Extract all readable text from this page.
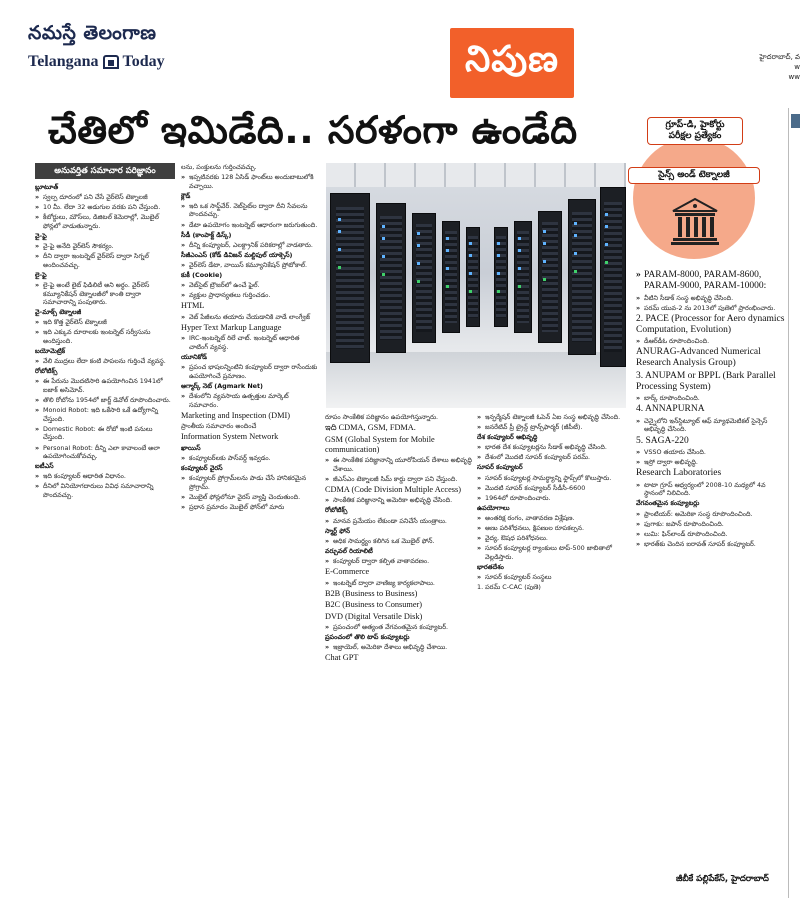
నమస్తే తెలంగాణ
Telangana Today	నిపుణ	హైదరాబాద్, వ
w
ww
చేతిలో ఇమిడేది.. సరళంగా ఉండేది	గ్రూప్-డి, హైకోర్టు
పరీక్షల ప్రత్యేకం
సైన్స్ అండ్ టెక్నాలజీ
అనువర్తిత సమాచార పరిజ్ఞానం

బ్లూటూత్

» స్వల్ప దూరంలో పని చేసే వైర్‌లెస్ టెక్నాలజీ

» 10 మీ. లేదా 32 అడుగుల వరకు పని చేస్తుంది.

» కీబోర్డులు, మౌస్‌లు, డిజిటల్ కెమెరాల్లో, మొబైల్ ఫోన్లలో వాడుతున్నారు.

వై-ఫై

» వై-ఫై అనేది వైర్‌లెస్ సౌకర్యం.

» దీని ద్వారా ఇంటర్నెట్ వైర్‌లెస్ ద్వారా సిగ్నల్ అందించవచ్చు.

లై-ఫై

» లై-ఫై అంటే లైట్ ఫిడిలిటీ అని అర్థం. వైర్‌లెస్ కమ్యూనికేషన్ టెక్నాలజీలో కాంతి ద్వారా సమాచారాన్ని పంపుతారు.

వై-మాక్స్ టెక్నాలజీ

» ఇది కొత్త వైర్‌లెస్ టెక్నాలజీ

» ఇది ఎక్కువ దూరాలకు ఇంటర్నెట్ సర్వీసును అందిస్తుంది.

బయోమెట్రిక్

» వేలి ముద్రలు లేదా కంటి పాపలను గుర్తించే వ్యవస్థ.

రోబోటిక్స్

» ఈ పేరును మొదటిసారి ఉపయోగించిన 1941లో ఐజాక్ అసిమోవ్.

» తొలి రోబోను 1954లో జార్జ్ డెవోల్ రూపొందించారు.

» Monoid Robot: ఇది ఒకేసారి ఒకే ఉద్యోగాన్ని చేస్తుంది.

» Domestic Robot: ఈ రోబో ఇంటి పనులు చేస్తుంది.

» Personal Robot: దీన్ని ఎలా కావాలంటే అలా ఉపయోగించుకోవచ్చు.

ఐటీఎస్

» ఇది కంప్యూటర్ ఆధారిత విధానం.

» దీనిలో వినియోగదారులు వివిధ సమాచారాన్ని పొందవచ్చు.

లను, పంక్తులను గుర్తించవచ్చు.

» ఇప్పటివరకు 128 ఏసిడ్ ఫాంట్‌లు అందుబాటులోకి వచ్చాయి.

క్లౌడ్

» ఇది ఒక సాఫ్ట్‌వేర్. వెబ్‌సైట్‌ల ద్వారా దీని సేవలను పొందవచ్చు.

» డేటా ఉపయోగం ఇంటర్నెట్ ఆధారంగా జరుగుతుంది.

సీడీ (కాంపాక్ట్ డిస్క్)

» దీన్ని కంప్యూటర్, ఎలక్ట్రానిక్ పరికరాల్లో వాడతారు.

సీజీఎంఎస్ (కోడ్ డివిజన్ మల్టిపుల్ యాక్సెస్)

» వైర్‌లెస్ డేటా, వాయిస్ కమ్యూనికేషన్ ప్రోటోకాల్.

కుకీ (Cookie)

» వెబ్‌సైట్ బ్రౌజర్‌లో ఉంచే ఫైల్.

» వ్యక్తుల ప్రాధాన్యతలు గుర్తించడం.

HTML

» వెబ్ పేజీలను తయారు చేయడానికి వాడే లాంగ్వేజ్

Hyper Text Markup Language

» IRC-ఇంటర్నెట్ రిలే చాట్. ఇంటర్నెట్ ఆధారిత చాటింగ్ వ్యవస్థ.

యూనికోడ్

» ప్రపంచ భాషలన్నింటిని కంప్యూటర్ ద్వారా రాసేందుకు ఉపయోగించే ప్రమాణం.

అగ్మార్క్ నెట్ (Agmark Net)

» దేశంలోని వ్యవసాయ ఉత్పత్తుల మార్కెట్ సమాచారం.

Marketing and Inspection (DMI)

ప్రాంతీయ సమాచారం అందించే

Information System Network

ఖాయిస్

» కంప్యూటర్‌లకు పాస్‌వర్డ్ ఇవ్వడం.

కంప్యూటర్ వైరస్

» కంప్యూటర్ ప్రోగ్రామ్‌లను పాడు చేసే హానికరమైన ప్రోగ్రామ్.

» మొబైల్ ఫోన్లలోనూ వైరస్ వ్యాప్తి చెందుతుంది.

» ప్రధాన ప్రమాదం మొబైల్ ఫోన్‌లో మారు

రూపం సాంకేతిక పరిజ్ఞానం ఉపయోగిస్తున్నారు.

ఇది CDMA, GSM, FDMA.

GSM (Global System for Mobile communication)

» ఈ సాంకేతిక పరిజ్ఞానాన్ని యూరోపియన్ దేశాలు అభివృద్ధి చేశాయి.

» జీఎస్ఎం టెక్నాలజీ సిమ్ కార్డు ద్వారా పని చేస్తుంది.

CDMA (Code Division Multiple Access)

» సాంకేతిక పరిజ్ఞానాన్ని అమెరికా అభివృద్ధి చేసింది.

రోబోటిక్స్

» మానవ ప్రమేయం లేకుండా పనిచేసే యంత్రాలు.

స్మార్ట్ ఫోన్

» అధిక సామర్థ్యం కలిగిన ఒక మొబైల్ ఫోన్.

వర్చువల్ రియాలిటీ

» కంప్యూటర్ ద్వారా కల్పిత వాతావరణం.

E-Commerce

» ఇంటర్నెట్ ద్వారా వాణిజ్య కార్యకలాపాలు.

B2B (Business to Business)

B2C (Business to Consumer)

DVD (Digital Versatile Disk)

» ప్రపంచంలో అత్యంత వేగవంతమైన కంప్యూటర్.

ప్రపంచంలో తొలి టాప్ కంప్యూటర్లు

» ఇజ్రాయెల్, అమెరికా దేశాలు అభివృద్ధి చేశాయి.

Chat GPT

» ఇన్ఫర్మేషన్ టెక్నాలజీ ఓపెన్ ఏఐ సంస్థ అభివృద్ధి చేసింది.

» జనరేటివ్ ప్రీ ట్రైన్డ్ ట్రాన్స్‌ఫార్మర్ (జీపీటీ).

దేశ కంప్యూటర్ అభివృద్ధి

» భారత దేశ కంప్యూటర్లను సీడాక్ అభివృద్ధి చేసింది.

» దేశంలో మొదటి సూపర్ కంప్యూటర్ పరమ్.

సూపర్ కంప్యూటర్

» సూపర్ కంప్యూటర్ల సామర్థ్యాన్ని ఫ్లాప్స్‌లో కొలుస్తారు.

» మొదటి సూపర్ కంప్యూటర్ సీడీసీ-6600

» 1964లో రూపొందించారు.

ఉపయోగాలు

» అంతరిక్ష రంగం, వాతావరణ విశ్లేషణ.

» అణు పరిశోధనలు, క్షిపణుల రూపకల్పన.

» వైద్య, ఔషధ పరిశోధనలు.

» సూపర్ కంప్యూటర్ల ర్యాంకులు టాప్-500 జాబితాలో వెల్లడిస్తారు.

భారతదేశం

» సూపర్ కంప్యూటర్ సంస్థలు

1. పరమ్ C-CAC (పుణె)

» PARAM-8000, PARAM-8600, PARAM-9000, PARAM-10000:

» వీటిని సీడాక్ సంస్థ అభివృద్ధి చేసింది.

» పరమ్ యువ-2 ను 2013లో పుణెలో ప్రారంభించారు.

2. PACE (Processor for Aero dynamics Computation, Evolution)

» డీఆర్‌డీఓ రూపొందించింది.

ANURAG-Advanced Numerical Research Analysis Group)

3. ANUPAM or BPPL (Bark Parallel Processing System)

» బార్క్ రూపొందించింది.

4. ANNAPURNA

» చెన్నైలోని ఇన్‌స్టిట్యూట్ ఆఫ్ మ్యాథమెటికల్ సైన్సెస్ అభివృద్ధి చేసింది.

5. SAGA-220

» VSSO తయారు చేసింది.

» ఇస్రో ద్వారా అభివృద్ధి.

Research Laboratories

» టాటా గ్రూప్ ఆధ్వర్యంలో 2008-10 మధ్యలో 4వ స్థానంలో నిలిచింది.

వేగవంతమైన కంప్యూటర్లు

» ఫ్రాంటియర్: అమెరికా సంస్థ రూపొందించింది.

» ఫుగాకు: జపాన్ రూపొందించింది.

» లుమి: ఫిన్‌లాండ్ రూపొందించింది.

» భారత్‌కు చెందిన ఐరావత్ సూపర్ కంప్యూటర్.

జీబీకే పల్లిపేకేస్, హైదరాబాద్
